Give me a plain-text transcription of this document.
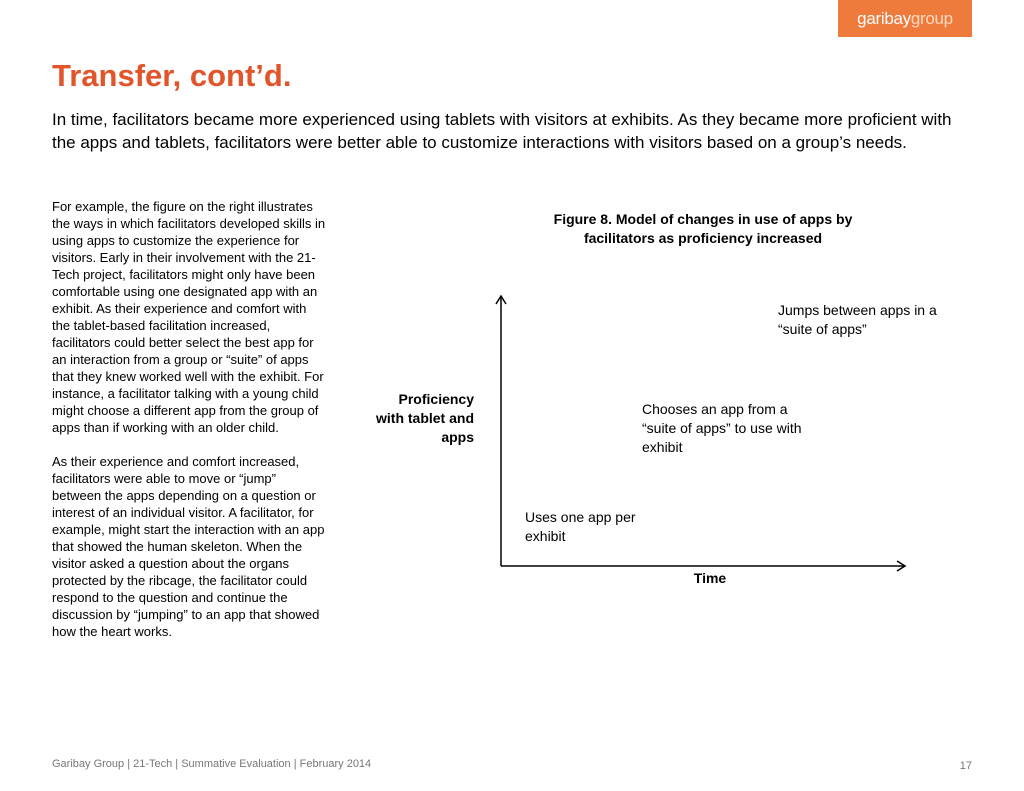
garibaygroup
Transfer, cont’d.

In time, facilitators became more experienced using tablets with visitors at exhibits. As they became more proficient with the apps and tablets, facilitators were better able to customize interactions with visitors based on a group’s needs.

For example, the figure on the right illustrates the ways in which facilitators developed skills in using apps to customize the experience for visitors. Early in their involvement with the 21-Tech project, facilitators might only have been comfortable using one designated app with an exhibit. As their experience and comfort with the tablet-based facilitation increased, facilitators could better select the best app for an interaction from a group or “suite” of apps that they knew worked well with the exhibit. For instance, a facilitator talking with a young child might choose a different app from the group of apps than if working with an older child.

As their experience and comfort increased, facilitators were able to move or “jump” between the apps depending on a question or interest of an individual visitor. A facilitator, for example, might start the interaction with an app that showed the human skeleton. When the visitor asked a question about the organs protected by the ribcage, the facilitator could respond to the question and continue the discussion by “jumping” to an app that showed how the heart works.

Figure 8. Model of changes in use of apps by facilitators as proficiency increased

Proficiency with tablet and apps
Time
Uses one app per exhibit
Chooses an app from a “suite of apps” to use with exhibit
Jumps between apps in a “suite of apps”
Garibay Group | 21-Tech | Summative Evaluation | February 2014	17
